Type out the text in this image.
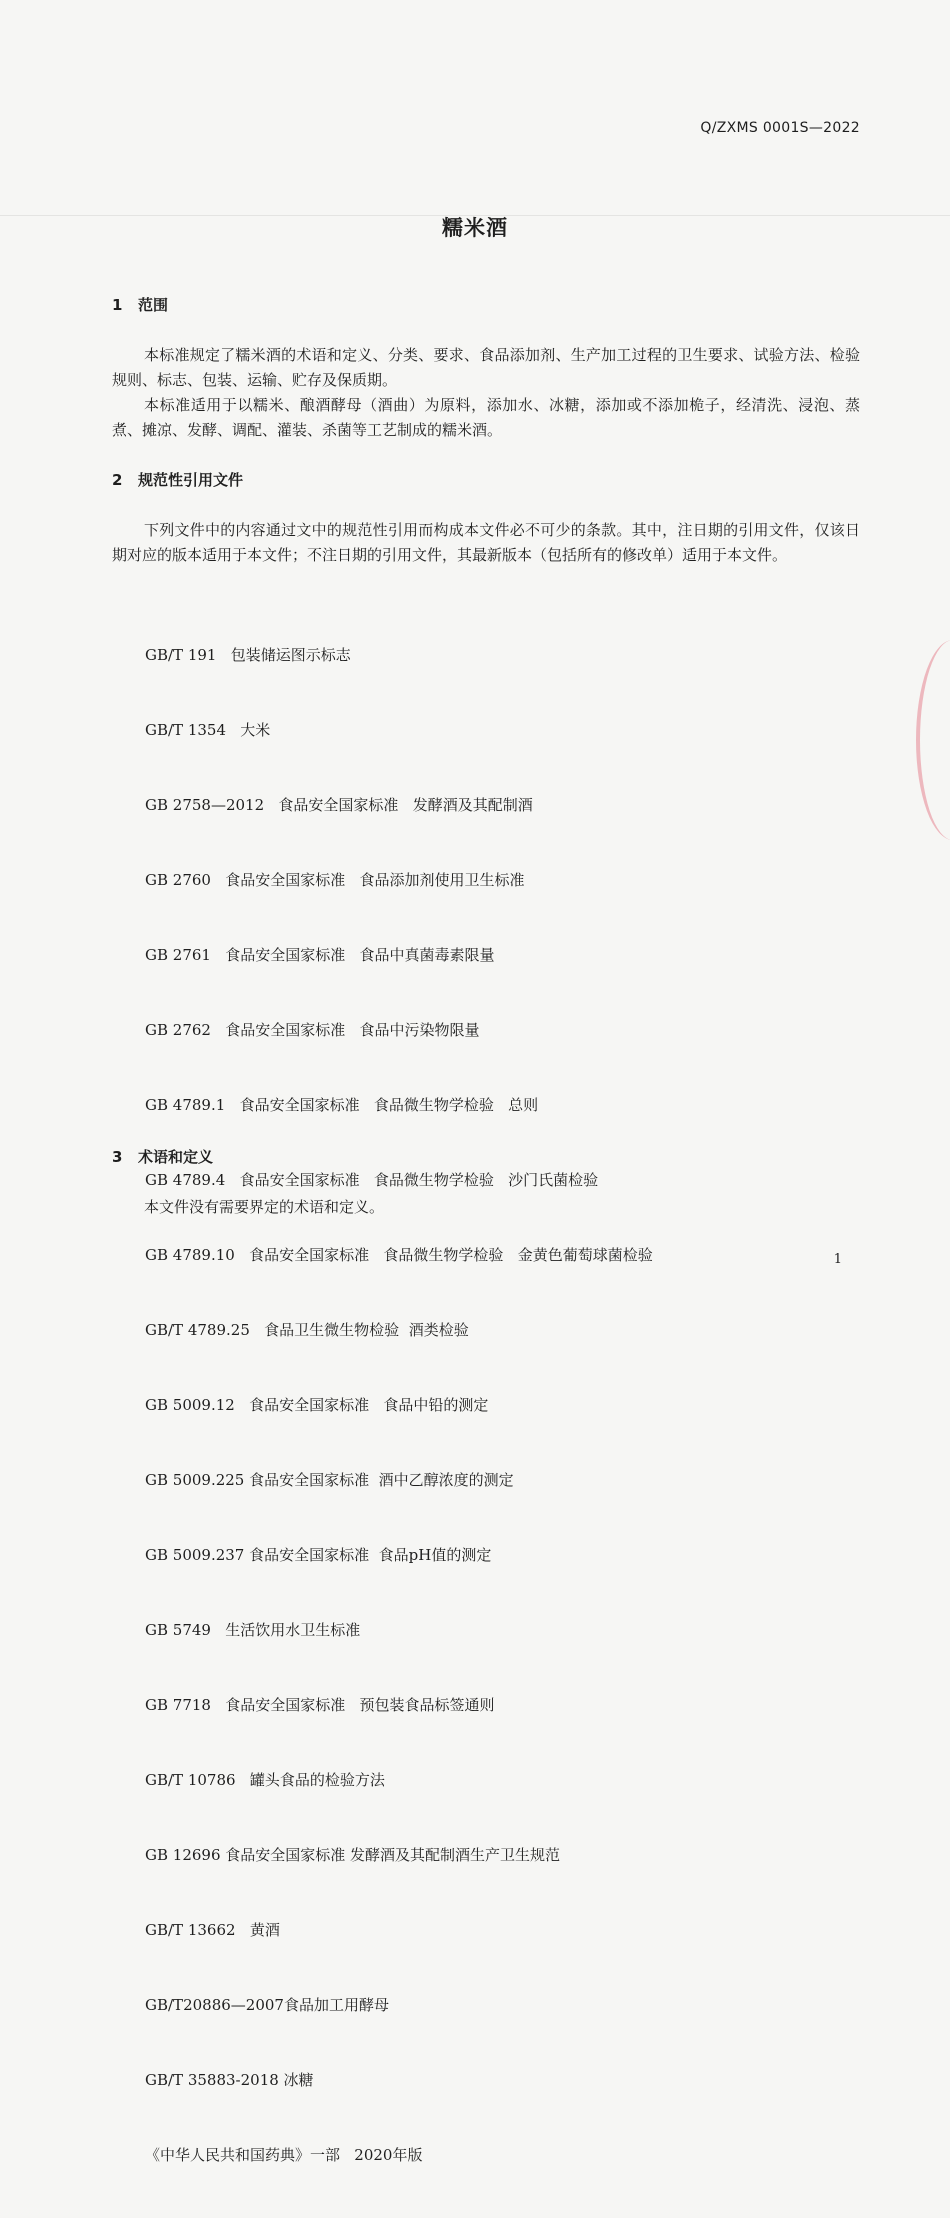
Q/ZXMS 0001S—2022
糯米酒
1 范围

本标准规定了糯米酒的术语和定义、分类、要求、食品添加剂、生产加工过程的卫生要求、试验方法、检验规则、标志、包装、运输、贮存及保质期。

本标准适用于以糯米、酿酒酵母（酒曲）为原料，添加水、冰糖，添加或不添加桅子，经清洗、浸泡、蒸煮、摊凉、发酵、调配、灌装、杀菌等工艺制成的糯米酒。

2 规范性引用文件

下列文件中的内容通过文中的规范性引用而构成本文件必不可少的条款。其中，注日期的引用文件，仅该日期对应的版本适用于本文件；不注日期的引用文件，其最新版本（包括所有的修改单）适用于本文件。

GB/T 191   包装储运图示标志

GB/T 1354   大米

GB 2758—2012   食品安全国家标准   发酵酒及其配制酒

GB 2760   食品安全国家标准   食品添加剂使用卫生标准

GB 2761   食品安全国家标准   食品中真菌毒素限量

GB 2762   食品安全国家标准   食品中污染物限量

GB 4789.1   食品安全国家标准   食品微生物学检验   总则

GB 4789.4   食品安全国家标准   食品微生物学检验   沙门氏菌检验

GB 4789.10   食品安全国家标准   食品微生物学检验   金黄色葡萄球菌检验

GB/T 4789.25   食品卫生微生物检验  酒类检验

GB 5009.12   食品安全国家标准   食品中铅的测定

GB 5009.225 食品安全国家标准  酒中乙醇浓度的测定

GB 5009.237 食品安全国家标准  食品pH值的测定

GB 5749   生活饮用水卫生标准

GB 7718   食品安全国家标准   预包装食品标签通则

GB/T 10786   罐头食品的检验方法

GB 12696 食品安全国家标准 发酵酒及其配制酒生产卫生规范

GB/T 13662   黄酒

GB/T20886—2007食品加工用酵母

GB/T 35883-2018 冰糖

《中华人民共和国药典》一部   2020年版

3 术语和定义

本文件没有需要界定的术语和定义。

1
